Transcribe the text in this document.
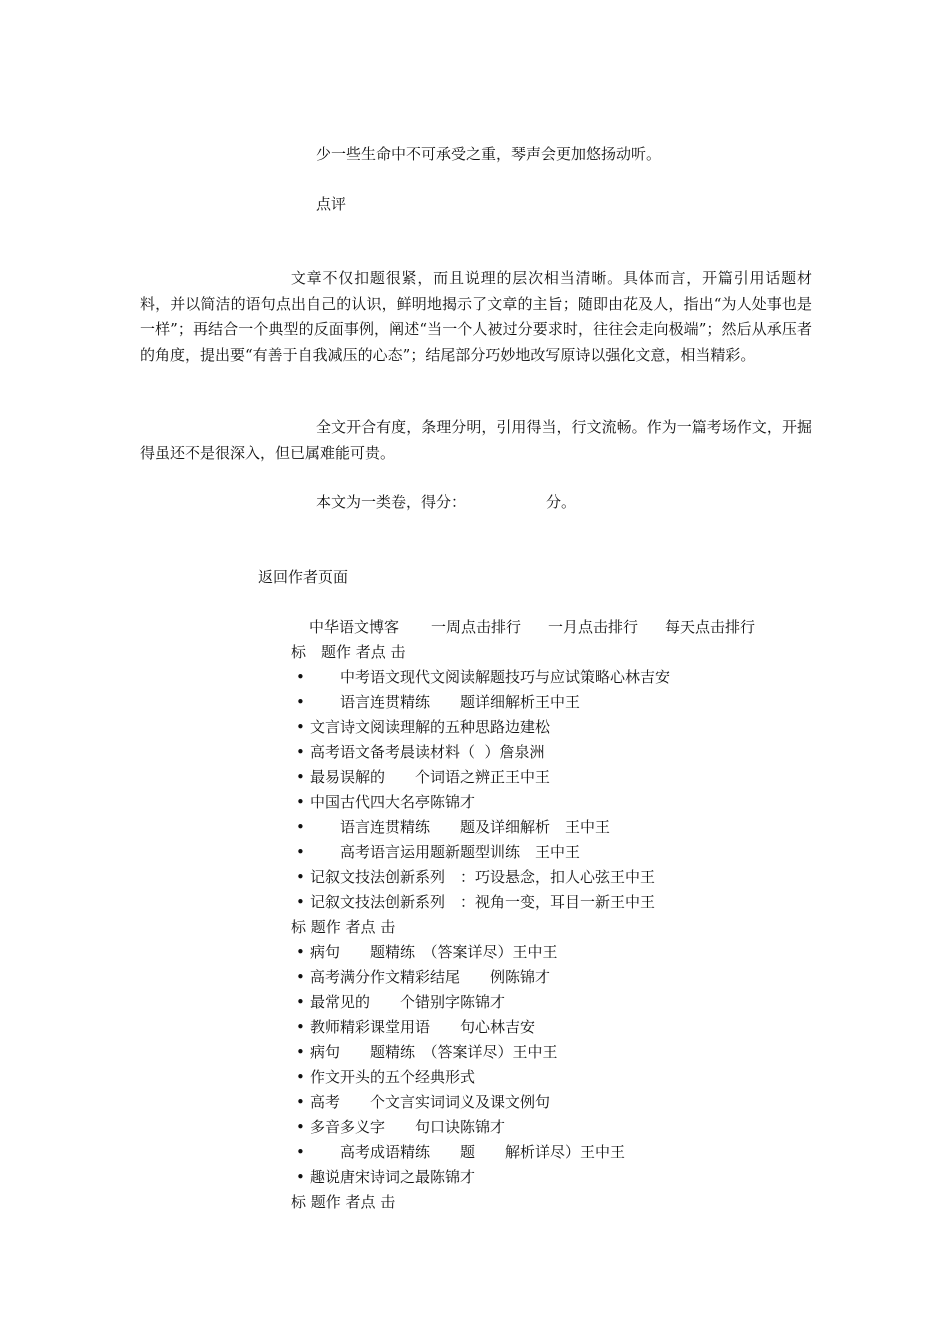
少一些生命中不可承受之重，琴声会更加悠扬动听。
点评

文章不仅扣题很紧，而且说理的层次相当清晰。具体而言，开篇引用话题材料，并以简洁的语句点出自己的认识，鲜明地揭示了文章的主旨；随即由花及人，指出“为人处事也是一样”；再结合一个典型的反面事例，阐述“当一个人被过分要求时，往往会走向极端”；然后从承压者的角度，提出要“有善于自我减压的心态”；结尾部分巧妙地改写原诗以强化文意，相当精彩。

全文开合有度，条理分明，引用得当，行文流畅。作为一篇考场作文，开掘得虽还不是很深入，但已属难能可贵。

本文为一类卷，得分：	分。
返回作者页面
中华语文博客 一周点击排行 一月点击排行 每天点击排行
标　题作 者点 击
•　　中考语文现代文阅读解题技巧与应试策略心林吉安
•　　语言连贯精练　　题详细解析王中王
• 文言诗文阅读理解的五种思路边建松
• 高考语文备考晨读材料（  ）詹泉洲
• 最易误解的　　个词语之辨正王中王
• 中国古代四大名亭陈锦才
•　　语言连贯精练　　题及详细解析　王中王
•　　高考语言运用题新题型训练　王中王
• 记叙文技法创新系列　：巧设悬念，扣人心弦王中王
• 记叙文技法创新系列　：视角一变，耳目一新王中王
标 题作 者点 击
• 病句　　题精练　（答案详尽）王中王
• 高考满分作文精彩结尾　　例陈锦才
• 最常见的　　个错别字陈锦才
• 教师精彩课堂用语　　句心林吉安
• 病句　　题精练　（答案详尽）王中王
• 作文开头的五个经典形式
• 高考　　个文言实词词义及课文例句
• 多音多义字　　句口诀陈锦才
•　　高考成语精练　　题　　解析详尽）王中王
• 趣说唐宋诗词之最陈锦才
标 题作 者点 击
